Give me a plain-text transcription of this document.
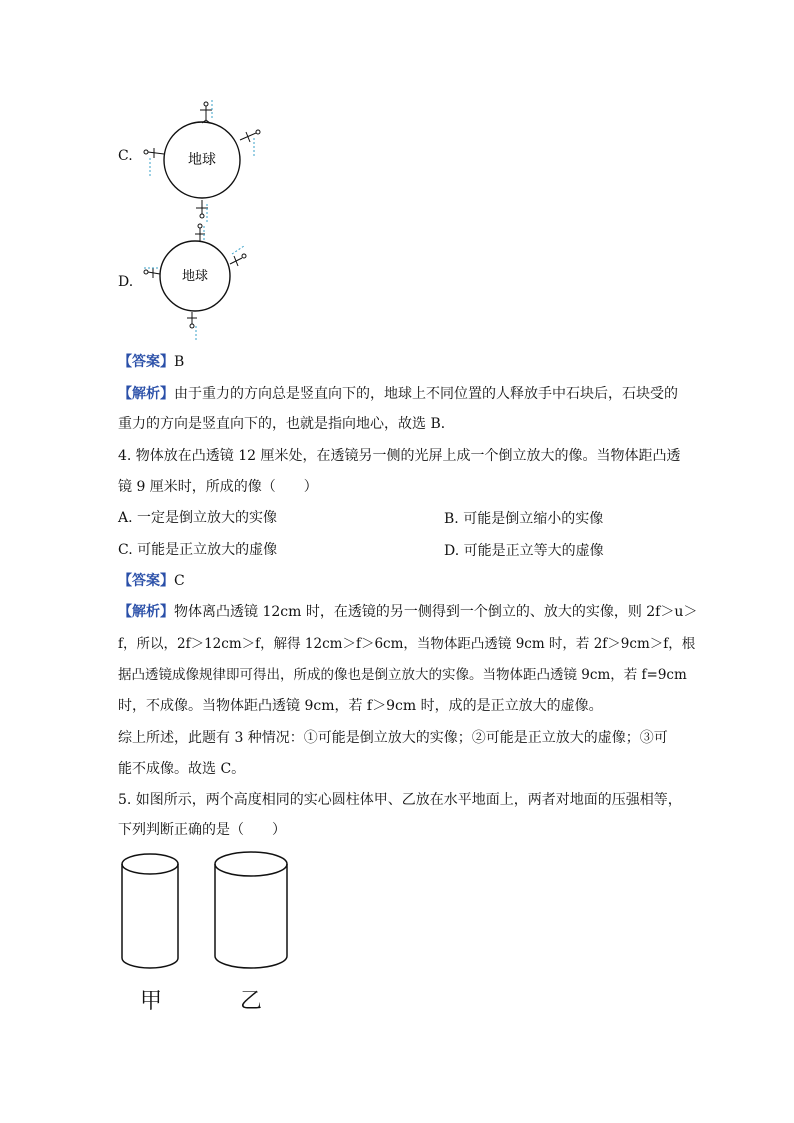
C.	地球
D.	地球
【答案】B
【解析】由于重力的方向总是竖直向下的，地球上不同位置的人释放手中石块后，石块受的
重力的方向是竖直向下的，也就是指向地心，故选 B．
4. 物体放在凸透镜 12 厘米处，在透镜另一侧的光屏上成一个倒立放大的像。当物体距凸透
镜 9 厘米时，所成的像（　　）
A. 一定是倒立放大的实像	B. 可能是倒立缩小的实像
C. 可能是正立放大的虚像	D. 可能是正立等大的虚像
【答案】C
【解析】物体离凸透镜 12cm 时，在透镜的另一侧得到一个倒立的、放大的实像，则 2f＞u＞
f，所以，2f＞12cm＞f，解得 12cm＞f＞6cm，当物体距凸透镜 9cm 时，若 2f＞9cm＞f，根
据凸透镜成像规律即可得出，所成的像也是倒立放大的实像。当物体距凸透镜 9cm，若 f=9cm
时，不成像。当物体距凸透镜 9cm，若 f＞9cm 时，成的是正立放大的虚像。
综上所述，此题有 3 种情况：①可能是倒立放大的实像；②可能是正立放大的虚像；③可
能不成像。故选 C。
5. 如图所示，两个高度相同的实心圆柱体甲、乙放在水平地面上，两者对地面的压强相等，
下列判断正确的是（　　）
甲	乙
